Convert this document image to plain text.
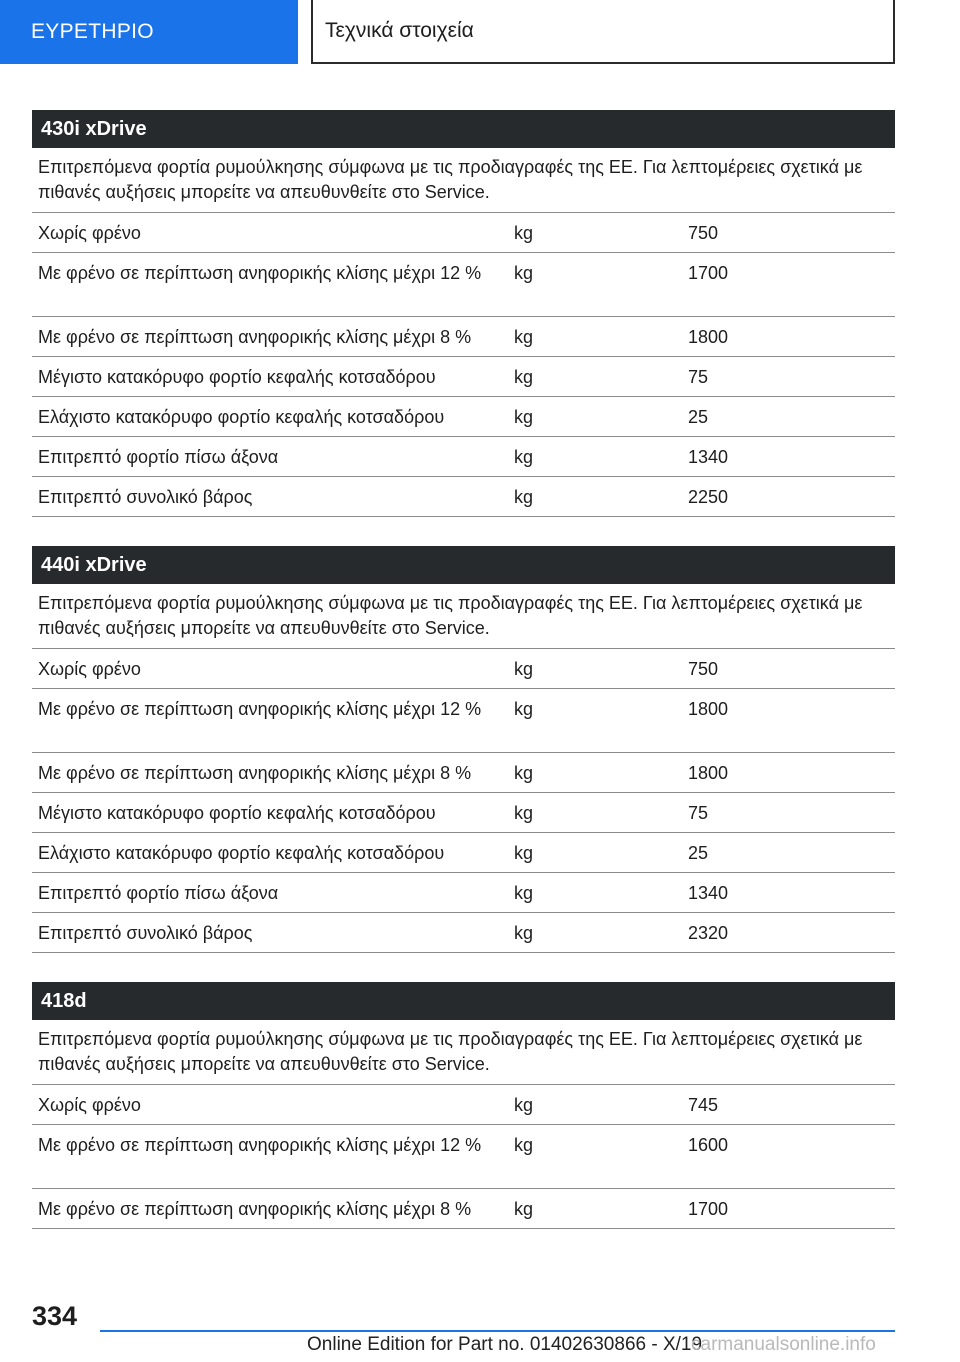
ΕΥΡΕΤΗΡΙΟ	Τεχνικά στοιχεία
430i xDrive
Επιτρεπόμενα φορτία ρυμούλκησης σύμφωνα με τις προδιαγραφές της ΕΕ. Για λεπτομέρειες σχετικά με πιθανές αυξήσεις μπορείτε να απευθυνθείτε στο Service.
Χωρίς φρένο	kg	750
Με φρένο σε περίπτωση ανηφορικής κλίσης μέχρι 12 %	kg	1700
Με φρένο σε περίπτωση ανηφορικής κλίσης μέχρι 8 %	kg	1800
Μέγιστο κατακόρυφο φορτίο κεφαλής κοτσαδόρου	kg	75
Ελάχιστο κατακόρυφο φορτίο κεφαλής κοτσαδόρου	kg	25
Επιτρεπτό φορτίο πίσω άξονα	kg	1340
Επιτρεπτό συνολικό βάρος	kg	2250
440i xDrive
Επιτρεπόμενα φορτία ρυμούλκησης σύμφωνα με τις προδιαγραφές της ΕΕ. Για λεπτομέρειες σχετικά με πιθανές αυξήσεις μπορείτε να απευθυνθείτε στο Service.
Χωρίς φρένο	kg	750
Με φρένο σε περίπτωση ανηφορικής κλίσης μέχρι 12 %	kg	1800
Με φρένο σε περίπτωση ανηφορικής κλίσης μέχρι 8 %	kg	1800
Μέγιστο κατακόρυφο φορτίο κεφαλής κοτσαδόρου	kg	75
Ελάχιστο κατακόρυφο φορτίο κεφαλής κοτσαδόρου	kg	25
Επιτρεπτό φορτίο πίσω άξονα	kg	1340
Επιτρεπτό συνολικό βάρος	kg	2320
418d
Επιτρεπόμενα φορτία ρυμούλκησης σύμφωνα με τις προδιαγραφές της ΕΕ. Για λεπτομέρειες σχετικά με πιθανές αυξήσεις μπορείτε να απευθυνθείτε στο Service.
Χωρίς φρένο	kg	745
Με φρένο σε περίπτωση ανηφορικής κλίσης μέχρι 12 %	kg	1600
Με φρένο σε περίπτωση ανηφορικής κλίσης μέχρι 8 %	kg	1700
334
Online Edition for Part no. 01402630866 - X/19
carmanualsonline.info
